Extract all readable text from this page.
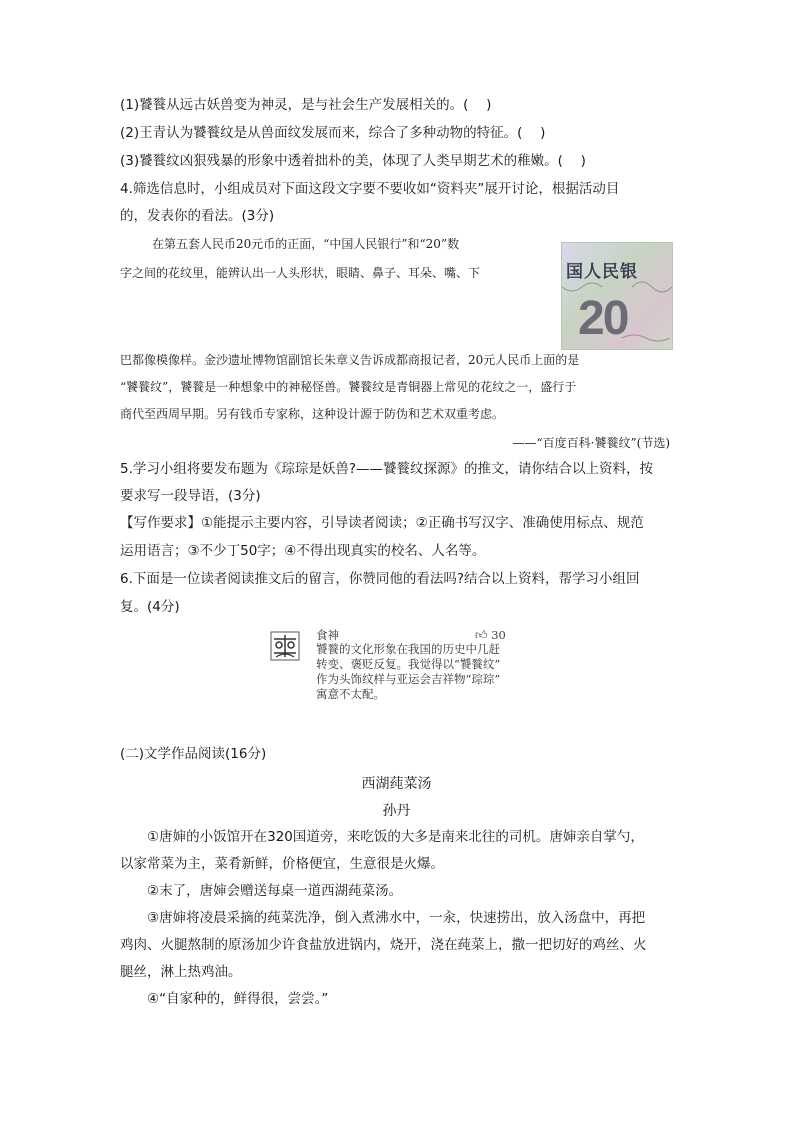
(1)饕餮从远古妖兽变为神灵，是与社会生产发展相关的。(　 )
(2)王青认为饕餮纹是从兽面纹发展而来，综合了多种动物的特征。(　 )
(3)饕餮纹凶狠残暴的形象中透着拙朴的美，体现了人类早期艺术的稚嫩。(　 )
4.筛选信息时，小组成员对下面这段文字要不要收如“资料夹”展开讨论，根据活动目
的，发表你的看法。(3分)
在第五套人民币20元币的正面，“中国人民银行”和“20”数
字之间的花纹里，能辨认出一人头形状，眼睛、鼻子、耳朵、嘴、下	国人民银
20
巴都像模像样。金沙遗址博物馆副馆长朱章义告诉成都商报记者，20元人民币上面的是
“饕餮纹”，饕餮是一种想象中的神秘怪兽。饕餮纹是青铜器上常见的花纹之一，盛行于
商代至西周早期。另有钱币专家称，这种设计源于防伪和艺术双重考虑。
——“百度百科·饕餮纹”(节选)
5.学习小组将要发布题为《琮琮是妖兽?——饕餮纹探源》的推文，请你结合以上资料，按
要求写一段导语，(3分)
【写作要求】①能提示主要内容，引导读者阅读；②正确书写汉字、准确使用标点、规范
运用语言；③不少丁50字；④不得出现真实的校名、人名等。
6.下面是一位读者阅读推文后的留言，你赞同他的看法吗?结合以上资料，帮学习小组回
复。(4分)
食神	👍︎ 30
饕餮的文化形象在我国的历史中几赶
转变、褒贬反复。我觉得以“饕餮纹”
作为头饰纹样与亚运会吉祥物“琮琮”
寓意不太配。
(二)文学作品阅读(16分)
西湖莼菜汤
孙丹
①唐婶的小饭馆开在320国道旁，来吃饭的大多是南来北往的司机。唐婶亲自掌勺，
以家常菜为主，菜肴新鲜，价格便宜，生意很是火爆。
②末了，唐婶会赠送每桌一道西湖莼菜汤。
③唐婶将凌晨采摘的莼菜洗净，倒入煮沸水中，一汆，快速捞出，放入汤盘中，再把
鸡肉、火腿熬制的原汤加少许食盐放进锅内，烧开，浇在莼菜上，撒一把切好的鸡丝、火
腿丝，淋上热鸡油。
④“自家种的，鲜得很，尝尝。”
